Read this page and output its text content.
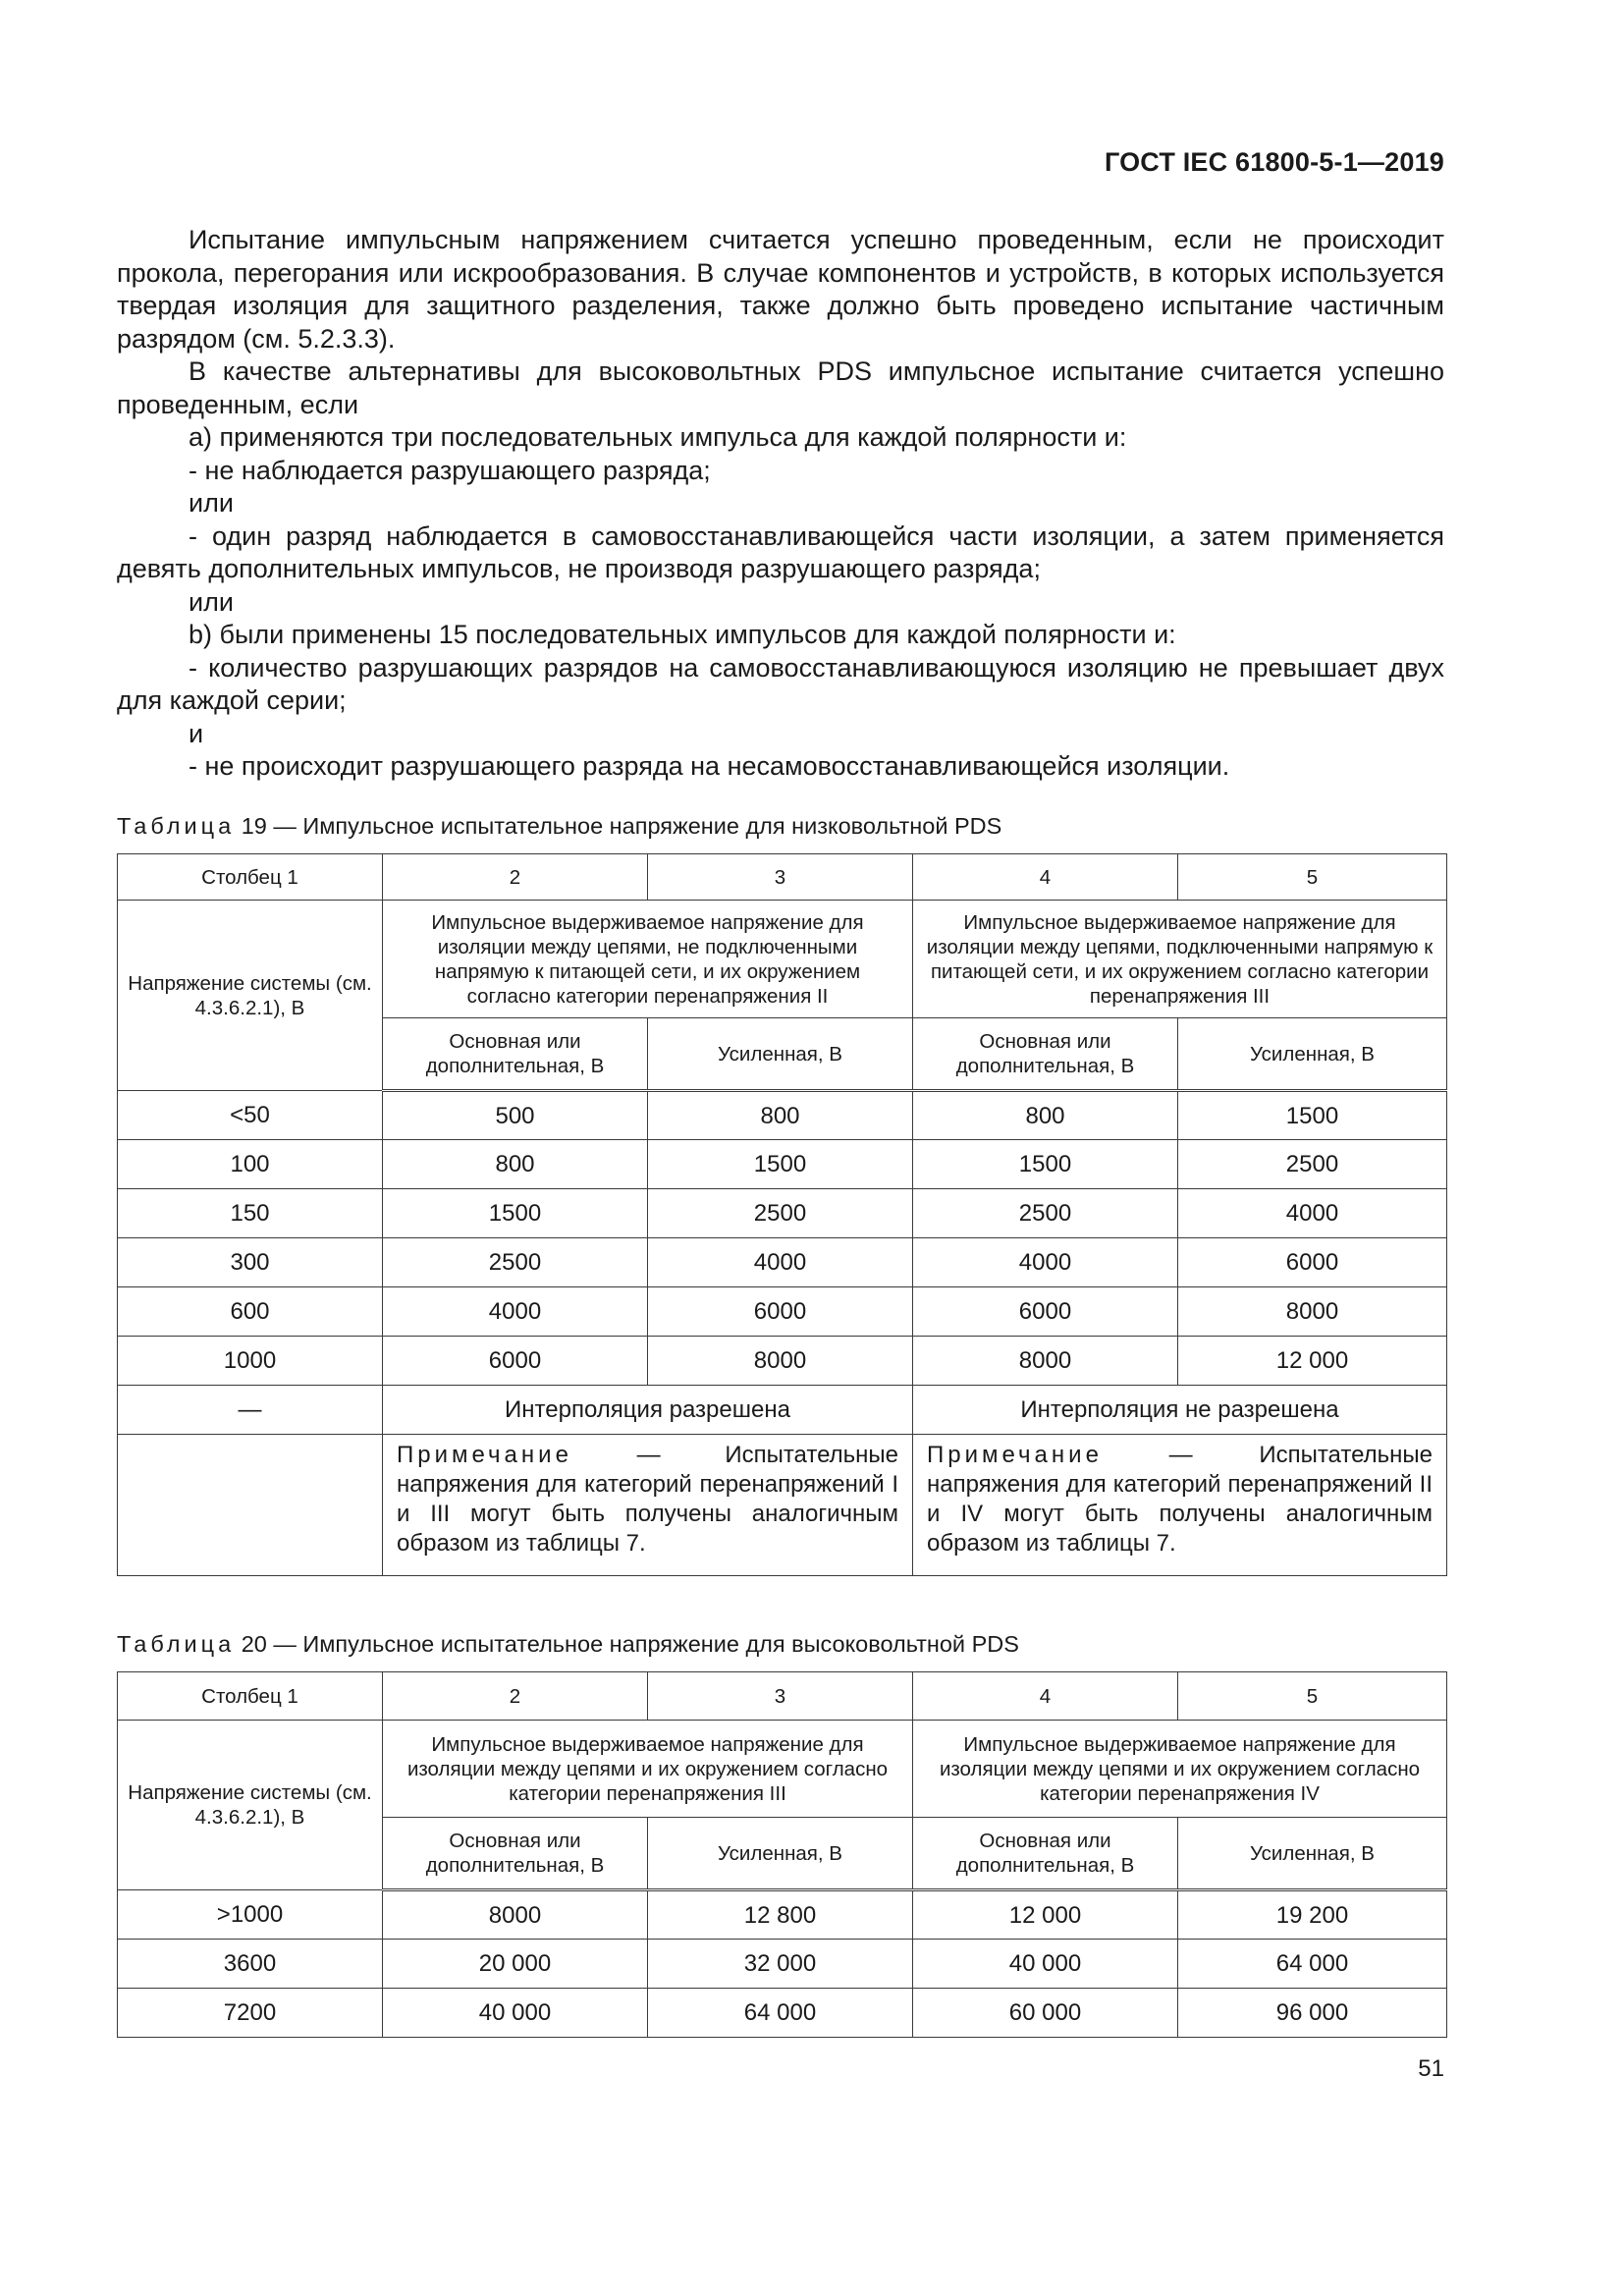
ГОСТ IEC 61800-5-1—2019

Испытание импульсным напряжением считается успешно проведенным, если не происходит прокола, перегорания или искрообразования. В случае компонентов и устройств, в которых используется твердая изоляция для защитного разделения, также должно быть проведено испытание частичным разрядом (см. 5.2.3.3).

В качестве альтернативы для высоковольтных PDS импульсное испытание считается успешно проведенным, если

a) применяются три последовательных импульса для каждой полярности и:

- не наблюдается разрушающего разряда;

или

- один разряд наблюдается в самовосстанавливающейся части изоляции, а затем применяется девять дополнительных импульсов, не производя разрушающего разряда;

или

b) были применены 15 последовательных импульсов для каждой полярности и:

- количество разрушающих разрядов на самовосстанавливающуюся изоляцию не превышает двух для каждой серии;

и

- не происходит разрушающего разряда на несамовосстанавливающейся изоляции.

Таблица 19 — Импульсное испытательное напряжение для низковольтной PDS
Столбец 1	2	3	4	5
Напряжение системы (см. 4.3.6.2.1), В	Импульсное выдерживаемое напряжение для изоляции между цепями, не подключенными напрямую к питающей сети, и их окружением согласно категории перенапряжения II		Импульсное выдерживаемое напряжение для изоляции между цепями, подключенными напрямую к питающей сети, и их окружением согласно категории перенапряжения III	
	Основная или дополнительная, В	Усиленная, В	Основная или дополнительная, В	Усиленная, В
<50	500	800	800	1500
100	800	1500	1500	2500
150	1500	2500	2500	4000
300	2500	4000	4000	6000
600	4000	6000	6000	8000
1000	6000	8000	8000	12 000
—	Интерполяция разрешена		Интерполяция не разрешена	
	Примечание — Испытательные напряжения для категорий перенапряжений I и III могут быть получены аналогичным образом из таблицы 7.		Примечание — Испытательные напряжения для категорий перенапряжений II и IV могут быть получены аналогичным образом из таблицы 7.	
Таблица 20 — Импульсное испытательное напряжение для высоковольтной PDS
Столбец 1	2	3	4	5
Напряжение системы (см. 4.3.6.2.1), В	Импульсное выдерживаемое напряжение для изоляции между цепями и их окружением согласно категории перенапряжения III		Импульсное выдерживаемое напряжение для изоляции между цепями и их окружением согласно категории перенапряжения IV	
	Основная или дополнительная, В	Усиленная, В	Основная или дополнительная, В	Усиленная, В
>1000	8000	12 800	12 000	19 200
3600	20 000	32 000	40 000	64 000
7200	40 000	64 000	60 000	96 000
51
